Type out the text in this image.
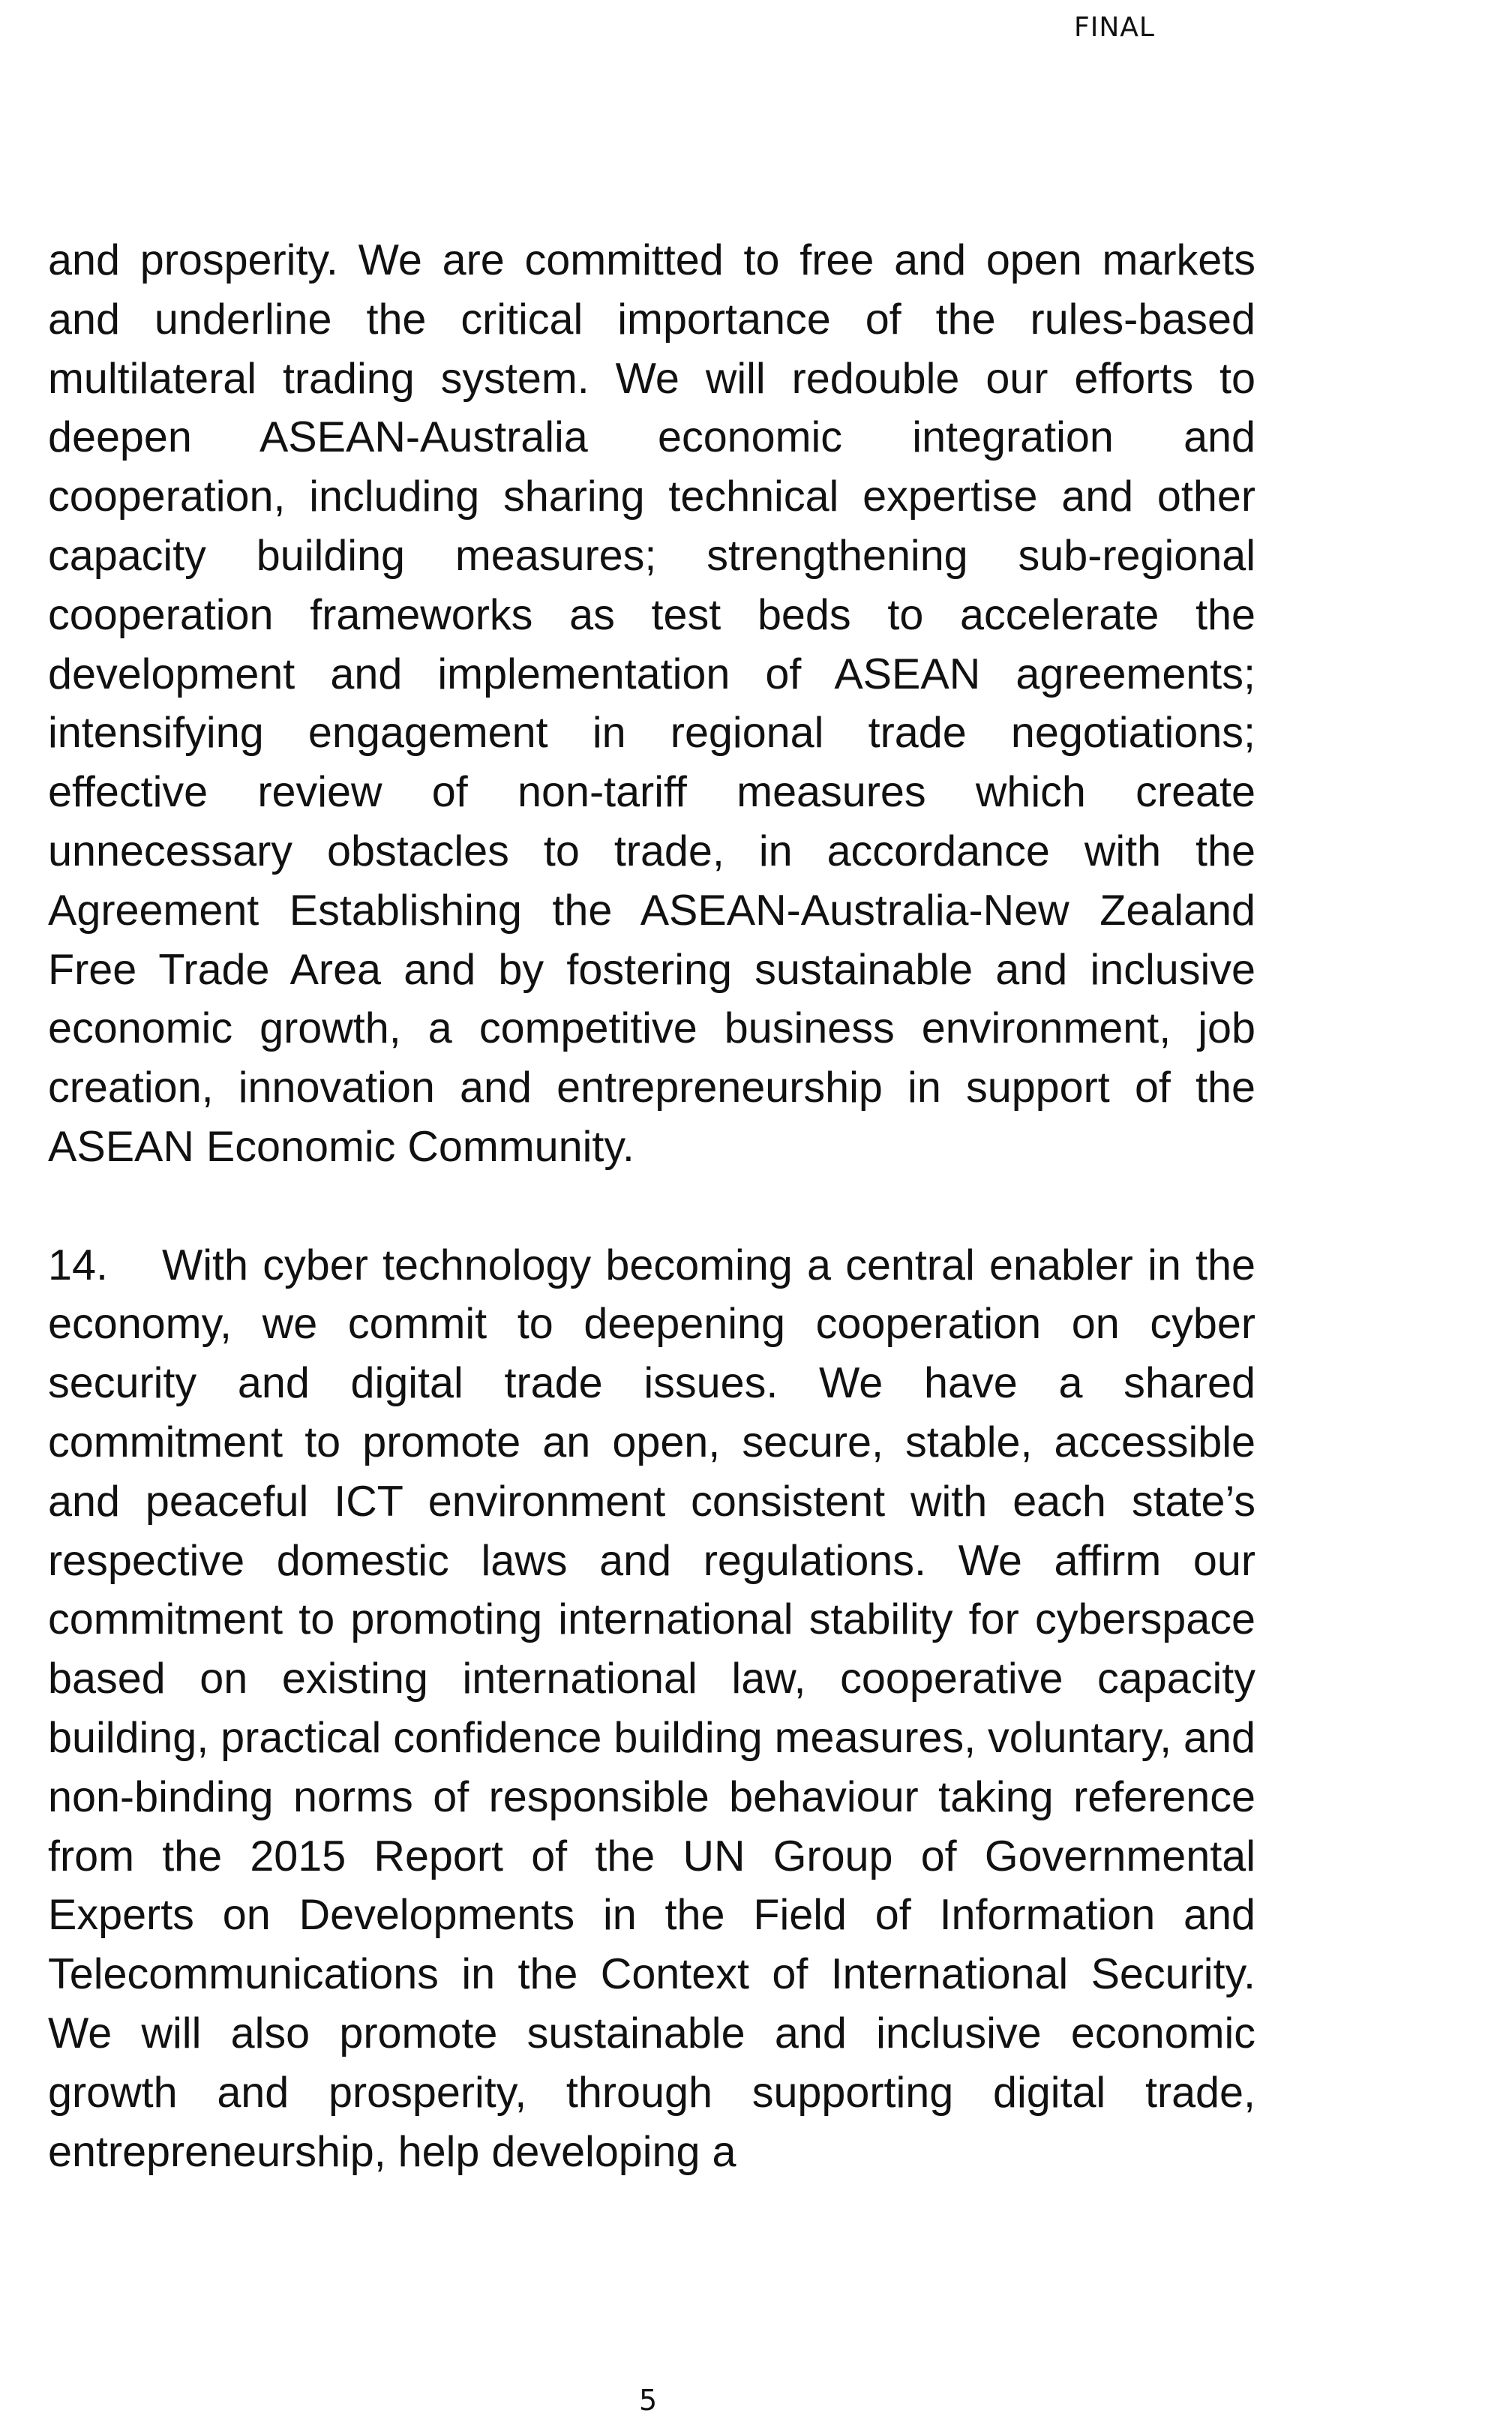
FINAL

and prosperity. We are committed to free and open markets and underline the critical importance of the rules-based multilateral trading system. We will redouble our efforts to deepen ASEAN-Australia economic integration and cooperation, including sharing technical expertise and other capacity building measures; strengthening sub-regional cooperation frameworks as test beds to accelerate the development and implementation of ASEAN agreements; intensifying engagement in regional trade negotiations; effective review of non-tariff measures which create unnecessary obstacles to trade, in accordance with the Agreement Establishing the ASEAN-Australia-New Zealand Free Trade Area and by fostering sustainable and inclusive economic growth, a competitive business environment, job creation, innovation and entrepreneurship in support of the ASEAN Economic Community.

14. With cyber technology becoming a central enabler in the economy, we commit to deepening cooperation on cyber security and digital trade issues. We have a shared commitment to promote an open, secure, stable, accessible and peaceful ICT environment consistent with each state’s respective domestic laws and regulations. We affirm our commitment to promoting international stability for cyberspace based on existing international law, cooperative capacity building, practical confidence building measures, voluntary, and non-binding norms of responsible behaviour taking reference from the 2015 Report of the UN Group of Governmental Experts on Developments in the Field of Information and Telecommunications in the Context of International Security. We will also promote sustainable and inclusive economic growth and prosperity, through supporting digital trade, entrepreneurship, help developing a

5
